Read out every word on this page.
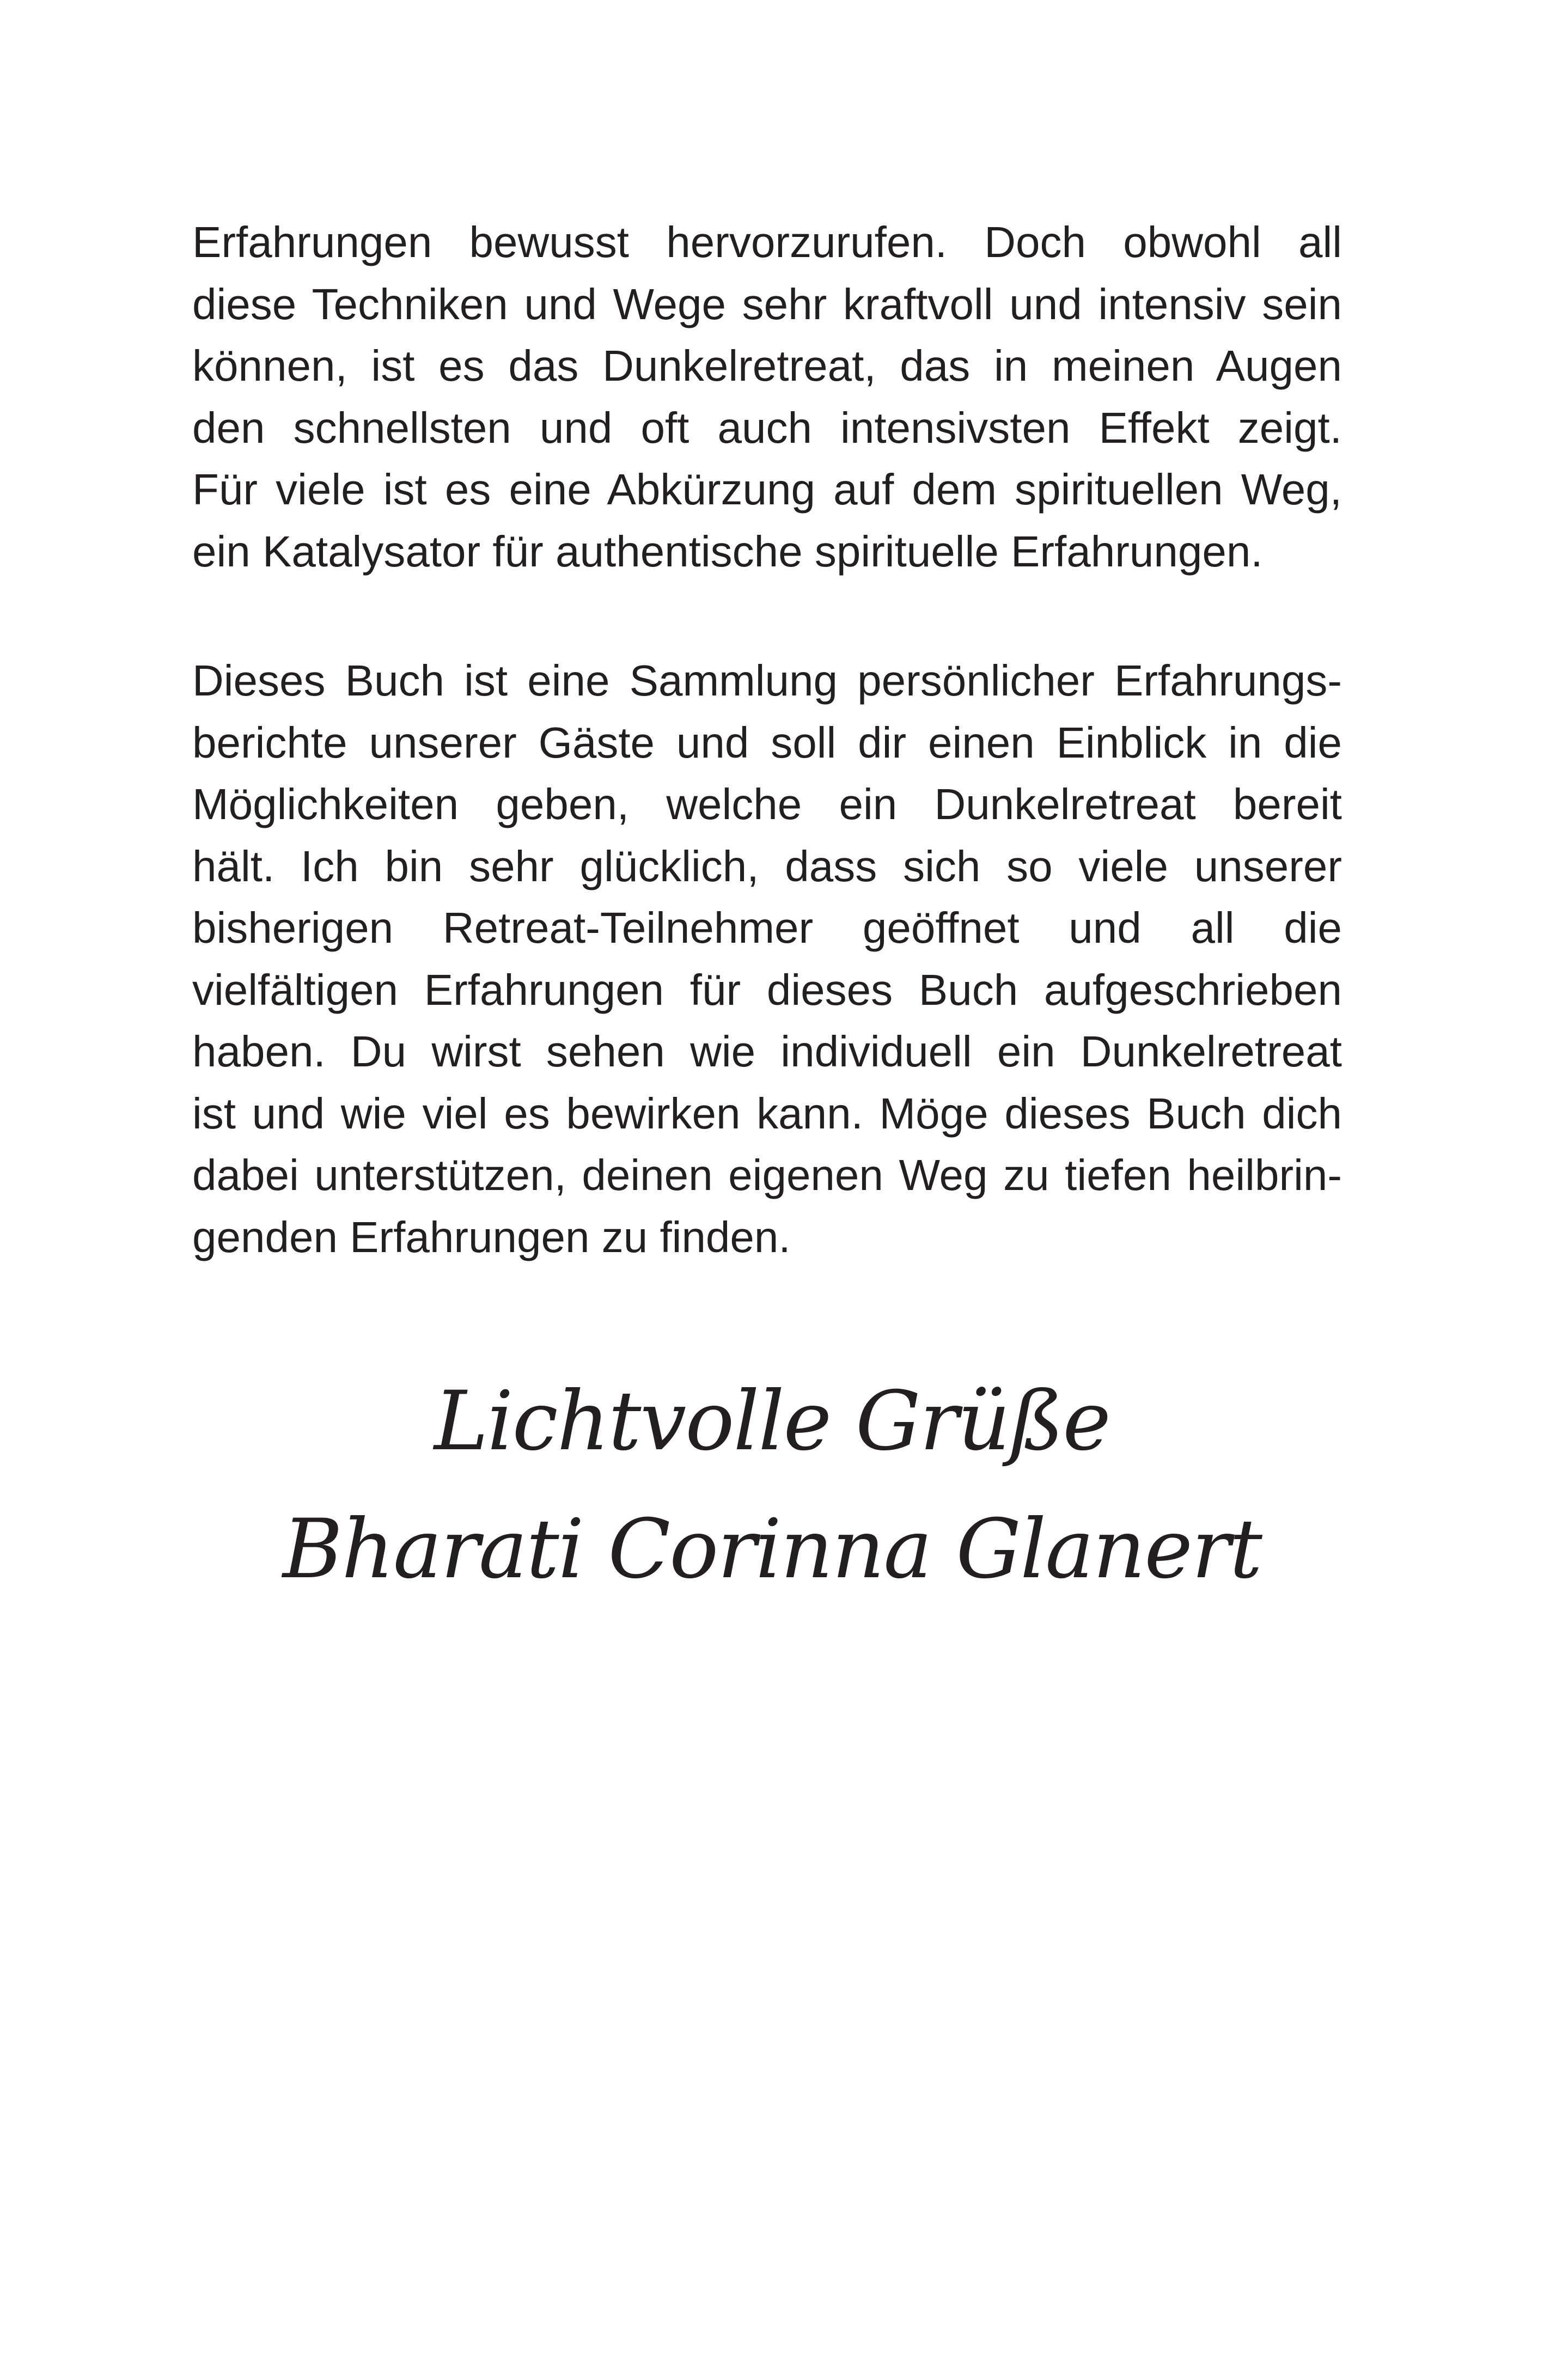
Erfahrungen bewusst hervorzurufen. Doch obwohl all
diese Techniken und Wege sehr kraftvoll und intensiv sein
können, ist es das Dunkelretreat, das in meinen Augen
den schnellsten und oft auch intensivsten Effekt zeigt.
Für viele ist es eine Abkürzung auf dem spirituellen Weg,
ein Katalysator für authentische spirituelle Erfahrungen.
Dieses Buch ist eine Sammlung persönlicher Erfahrungs-
berichte unserer Gäste und soll dir einen Einblick in die
Möglichkeiten geben, welche ein Dunkelretreat bereit
hält. Ich bin sehr glücklich, dass sich so viele unserer
bisherigen Retreat-Teilnehmer geöffnet und all die
vielfältigen Erfahrungen für dieses Buch aufgeschrieben
haben. Du wirst sehen wie individuell ein Dunkelretreat
ist und wie viel es bewirken kann. Möge dieses Buch dich
dabei unterstützen, deinen eigenen Weg zu tiefen heilbrin-
genden Erfahrungen zu finden.

Lichtvolle Grüße

Bharati Corinna Glanert
